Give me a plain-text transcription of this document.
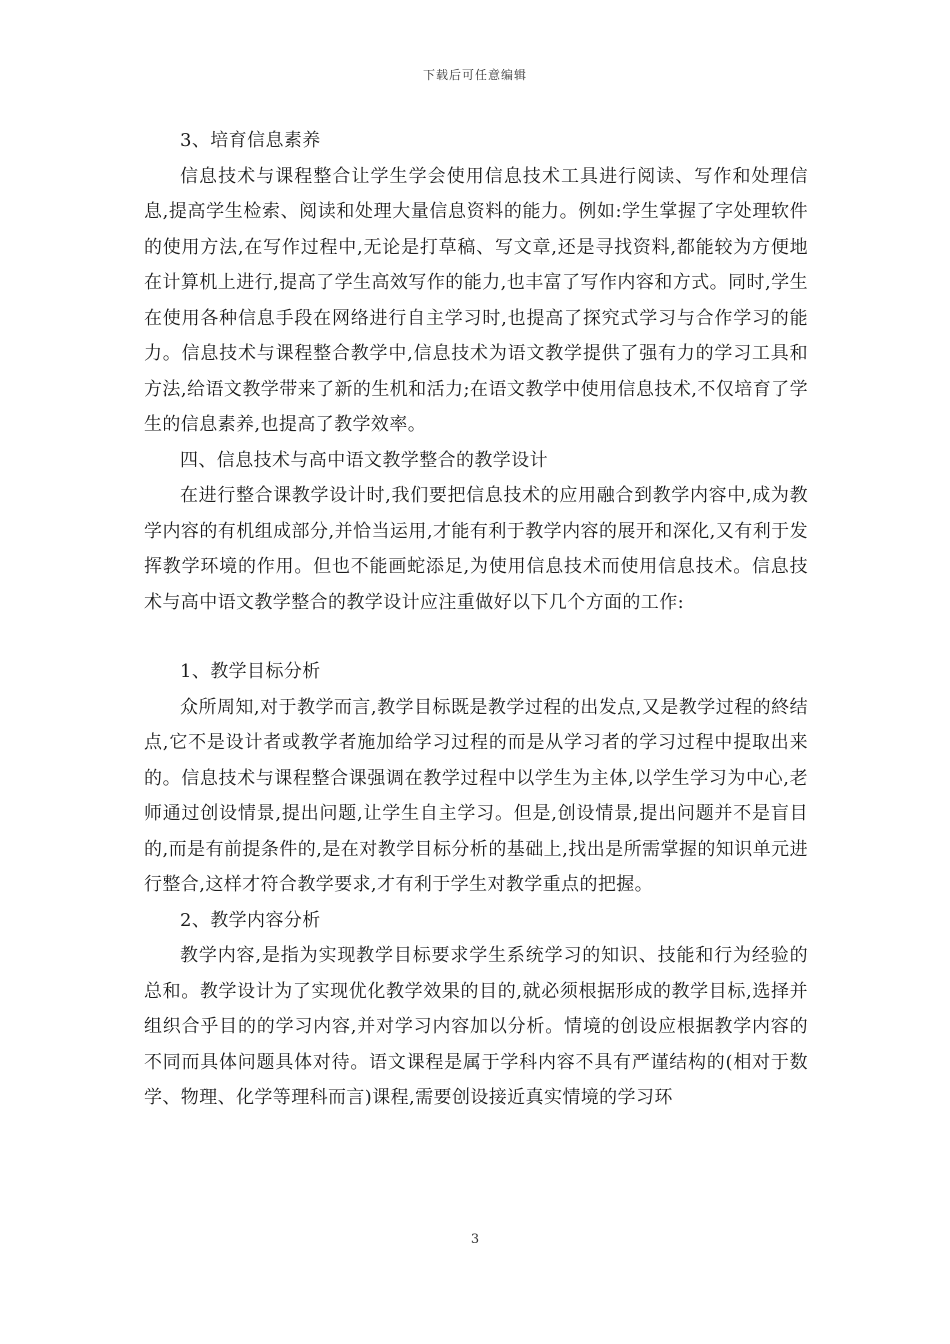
下载后可任意编辑

3、培育信息素养

信息技术与课程整合让学生学会使用信息技术工具进行阅读、写作和处理信息,提高学生检索、阅读和处理大量信息资料的能力。例如:学生掌握了字处理软件的使用方法,在写作过程中,无论是打草稿、写文章,还是寻找资料,都能较为方便地在计算机上进行,提高了学生高效写作的能力,也丰富了写作内容和方式。同时,学生在使用各种信息手段在网络进行自主学习时,也提高了探究式学习与合作学习的能力。信息技术与课程整合教学中,信息技术为语文教学提供了强有力的学习工具和方法,给语文教学带来了新的生机和活力;在语文教学中使用信息技术,不仅培育了学生的信息素养,也提高了教学效率。

四、信息技术与高中语文教学整合的教学设计

在进行整合课教学设计时,我们要把信息技术的应用融合到教学内容中,成为教学内容的有机组成部分,并恰当运用,才能有利于教学内容的展开和深化,又有利于发挥教学环境的作用。但也不能画蛇添足,为使用信息技术而使用信息技术。信息技术与高中语文教学整合的教学设计应注重做好以下几个方面的工作:

1、教学目标分析

众所周知,对于教学而言,教学目标既是教学过程的出发点,又是教学过程的終结点,它不是设计者或教学者施加给学习过程的而是从学习者的学习过程中提取出来的。信息技术与课程整合课强调在教学过程中以学生为主体,以学生学习为中心,老师通过创设情景,提出问题,让学生自主学习。但是,创设情景,提出问题并不是盲目的,而是有前提条件的,是在对教学目标分析的基础上,找出是所需掌握的知识单元进行整合,这样才符合教学要求,才有利于学生对教学重点的把握。

2、教学内容分析

教学内容,是指为实现教学目标要求学生系统学习的知识、技能和行为经验的总和。教学设计为了实现优化教学效果的目的,就必须根据形成的教学目标,选择并组织合乎目的的学习内容,并对学习内容加以分析。情境的创设应根据教学内容的不同而具体问题具体对待。语文课程是属于学科内容不具有严谨结构的(相对于数学、物理、化学等理科而言)课程,需要创设接近真实情境的学习环

3
